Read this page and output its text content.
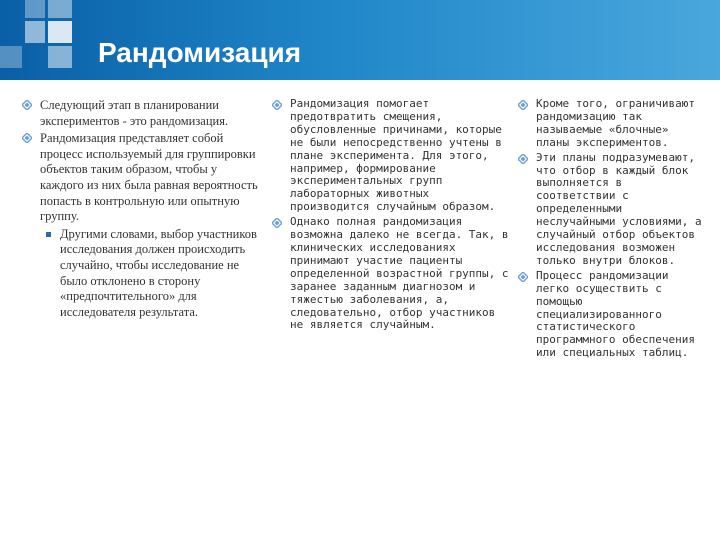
Рандомизация
Следующий этап в планировании экспериментов - это рандомизация.
Рандомизация представляет собой процесс используемый для группировки объектов таким образом, чтобы у каждого из них была равная вероятность попасть в контрольную или опытную группу.
Другими словами, выбор участников исследования должен происходить случайно, чтобы исследование не было отклонено в сторону «предпочтительного» для исследователя результата.
Рандомизация помогает предотвратить смещения, обусловленные причинами, которые не были непосредственно учтены в плане эксперимента. Для этого, например, формирование экспериментальных групп лабораторных животных производится случайным образом.
Однако полная рандомизация возможна далеко не всегда. Так, в клинических исследованиях принимают участие пациенты определенной возрастной группы, с заранее заданным диагнозом и тяжестью заболевания, а, следовательно, отбор участников не является случайным.
Кроме того, ограничивают рандомизацию так называемые «блочные» планы экспериментов.
Эти планы подразумевают, что отбор в каждый блок выполняется в соответствии с определенными неслучайными условиями, а случайный отбор объектов исследования возможен только внутри блоков.
Процесс рандомизации легко осуществить с помощью специализированного статистического программного обеспечения или специальных таблиц.
